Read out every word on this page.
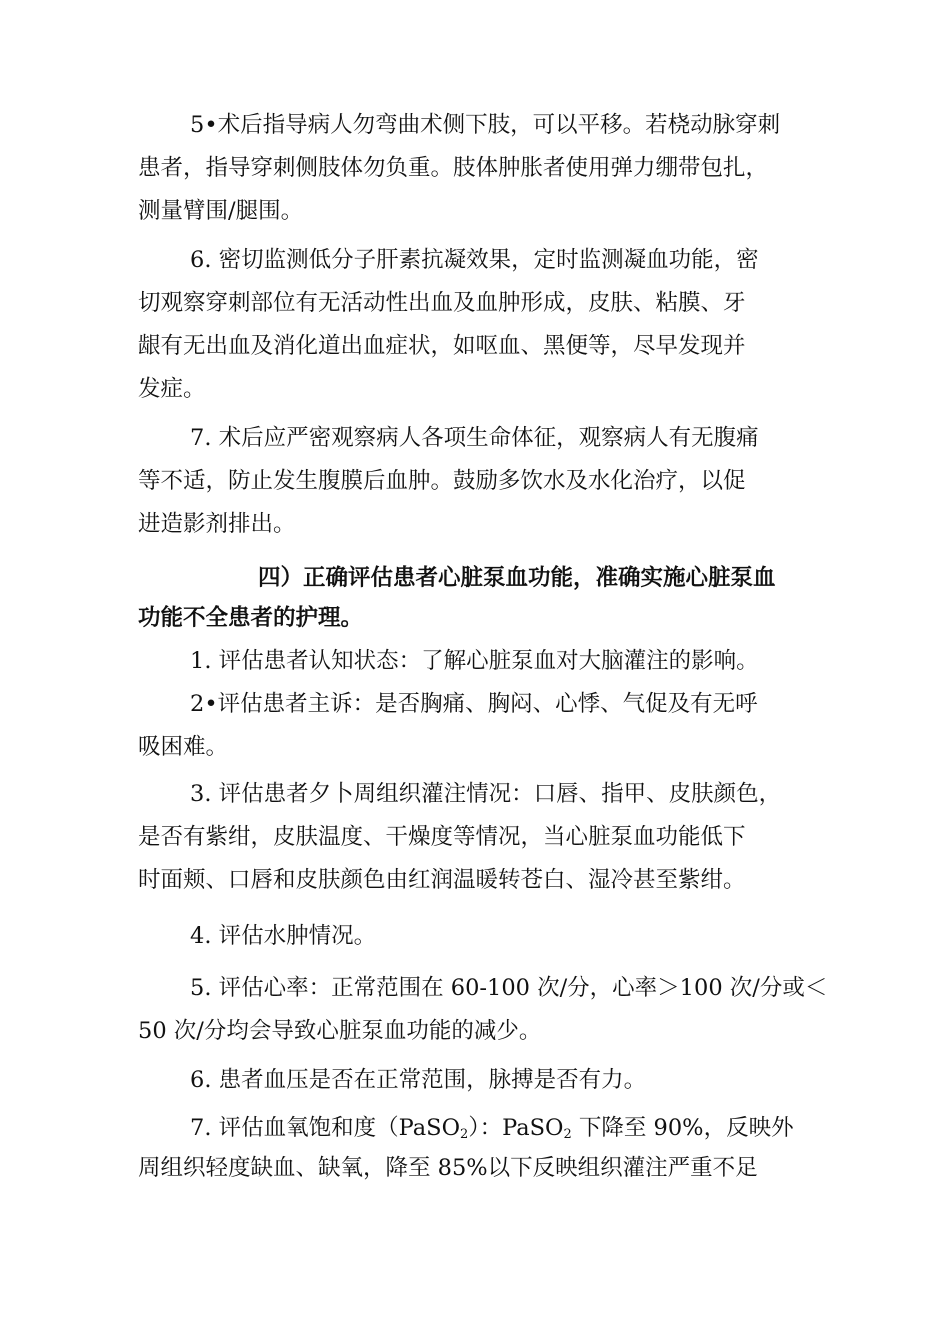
5•术后指导病人勿弯曲术侧下肢，可以平移。若桡动脉穿刺
患者，指导穿刺侧肢体勿负重。肢体肿胀者使用弹力绷带包扎，
测量臂围/腿围。

6. 密切监测低分子肝素抗凝效果，定时监测凝血功能，密
切观察穿刺部位有无活动性出血及血肿形成，皮肤、粘膜、牙
龈有无出血及消化道出血症状，如呕血、黑便等，尽早发现并
发症。

7. 术后应严密观察病人各项生命体征，观察病人有无腹痛
等不适，防止发生腹膜后血肿。鼓励多饮水及水化治疗，以促
进造影剂排出。

四）正确评估患者心脏泵血功能，准确实施心脏泵血
功能不全患者的护理。

1. 评估患者认知状态：了解心脏泵血对大脑灌注的影响。

2•评估患者主诉：是否胸痛、胸闷、心悸、气促及有无呼
吸困难。

3. 评估患者夕卜周组织灌注情况：口唇、指甲、皮肤颜色，
是否有紫绀，皮肤温度、干燥度等情况，当心脏泵血功能低下
时面颊、口唇和皮肤颜色由红润温暖转苍白、湿冷甚至紫绀。

4. 评估水肿情况。

5. 评估心率：正常范围在 60-100 次/分，心率＞100 次/分或＜
50 次/分均会导致心脏泵血功能的减少。

6. 患者血压是否在正常范围，脉搏是否有力。

7. 评估血氧饱和度（PaSO$_2$）：PaSO$_2$ 下降至 90%，反映外
周组织轻度缺血、缺氧，降至 85%以下反映组织灌注严重不足
